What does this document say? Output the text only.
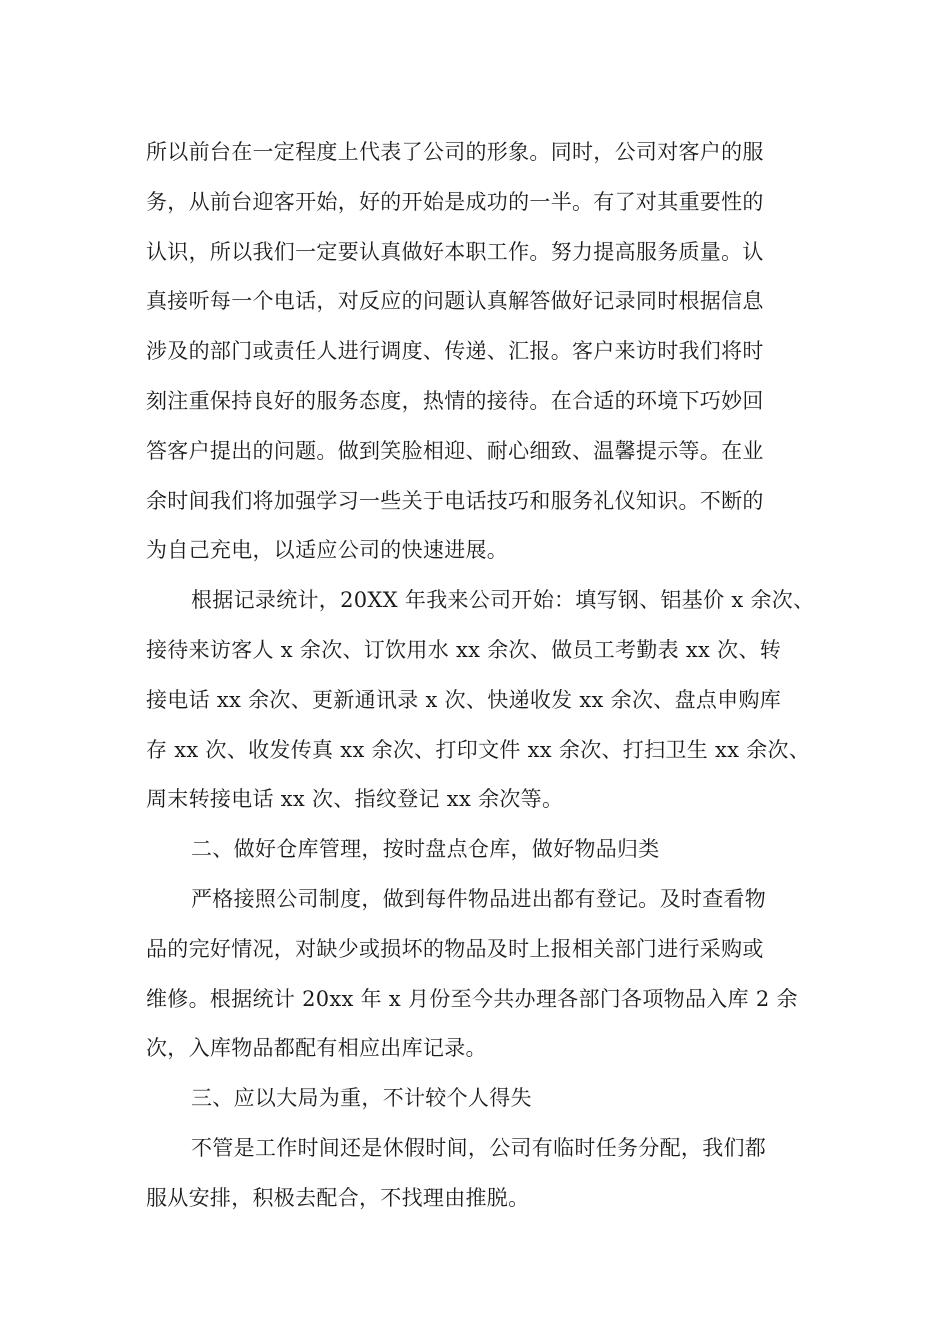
所以前台在一定程度上代表了公司的形象。同时，公司对客户的服
务，从前台迎客开始，好的开始是成功的一半。有了对其重要性的
认识，所以我们一定要认真做好本职工作。努力提高服务质量。认
真接听每一个电话，对反应的问题认真解答做好记录同时根据信息
涉及的部门或责任人进行调度、传递、汇报。客户来访时我们将时
刻注重保持良好的服务态度，热情的接待。在合适的环境下巧妙回
答客户提出的问题。做到笑脸相迎、耐心细致、温馨提示等。在业
余时间我们将加强学习一些关于电话技巧和服务礼仪知识。不断的
为自己充电，以适应公司的快速进展。
根据记录统计，20XX 年我来公司开始：填写钢、铝基价 x 余次、
接待来访客人 x 余次、订饮用水 xx 余次、做员工考勤表 xx 次、转
接电话 xx 余次、更新通讯录 x 次、快递收发 xx 余次、盘点申购库
存 xx 次、收发传真 xx 余次、打印文件 xx 余次、打扫卫生 xx 余次、
周末转接电话 xx 次、指纹登记 xx 余次等。
二、做好仓库管理，按时盘点仓库，做好物品归类
严格接照公司制度，做到每件物品进出都有登记。及时查看物
品的完好情况，对缺少或损坏的物品及时上报相关部门进行采购或
维修。根据统计 20xx 年 x 月份至今共办理各部门各项物品入库 2 余
次，入库物品都配有相应出库记录。
三、应以大局为重，不计较个人得失
不管是工作时间还是休假时间，公司有临时任务分配，我们都
服从安排，积极去配合，不找理由推脱。
